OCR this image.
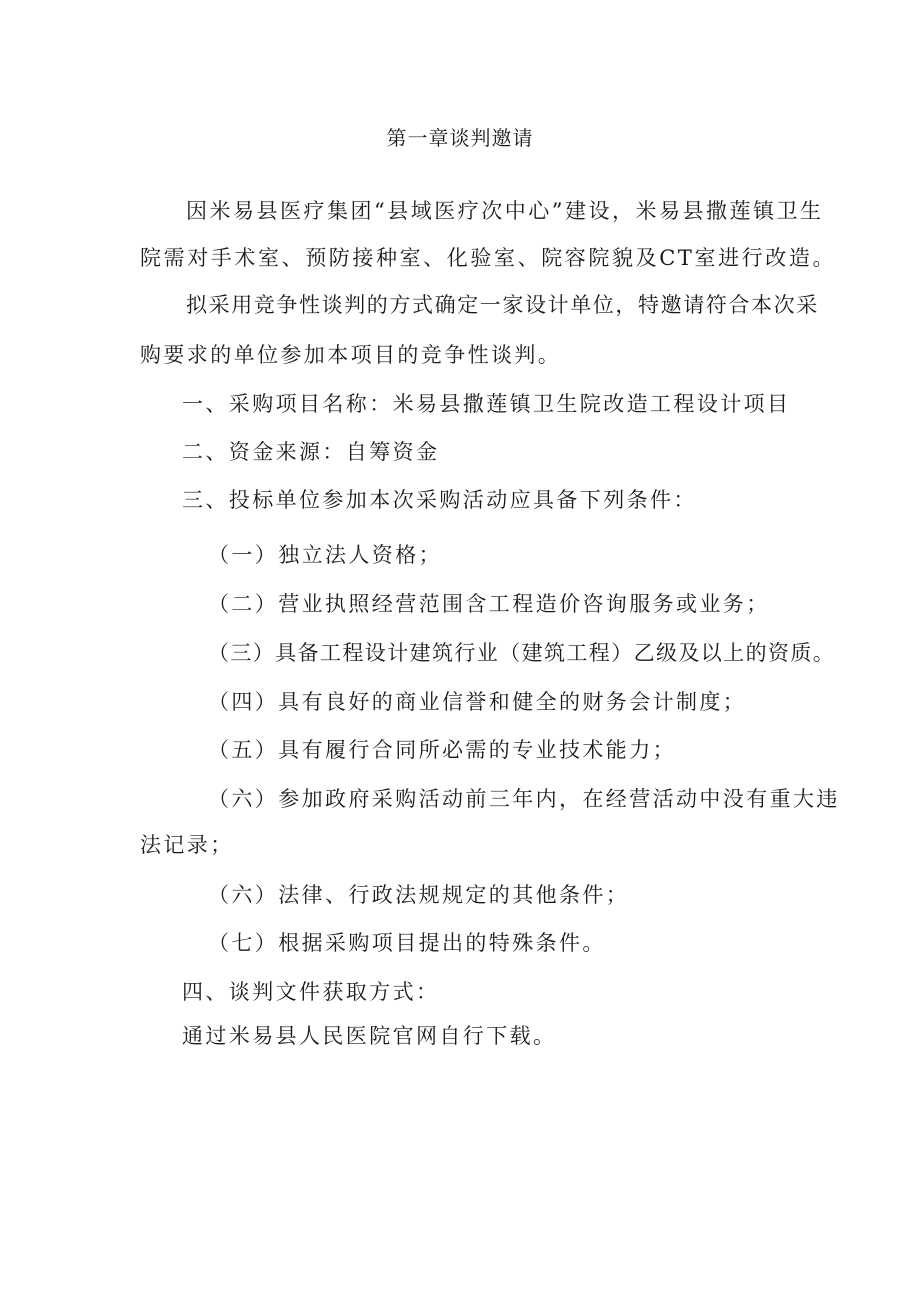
第一章谈判邀请
因米易县医疗集团“县域医疗次中心”建设，米易县撒莲镇卫生
院需对手术室、预防接种室、化验室、院容院貌及CT室进行改造。
拟采用竞争性谈判的方式确定一家设计单位，特邀请符合本次采
购要求的单位参加本项目的竞争性谈判。
一、采购项目名称：米易县撒莲镇卫生院改造工程设计项目
二、资金来源：自筹资金
三、投标单位参加本次采购活动应具备下列条件：
（一）独立法人资格；
（二）营业执照经营范围含工程造价咨询服务或业务；
（三）具备工程设计建筑行业（建筑工程）乙级及以上的资质。
（四）具有良好的商业信誉和健全的财务会计制度；
（五）具有履行合同所必需的专业技术能力；
（六）参加政府采购活动前三年内，在经营活动中没有重大违
法记录；
（六）法律、行政法规规定的其他条件；
（七）根据采购项目提出的特殊条件。
四、谈判文件获取方式：
通过米易县人民医院官网自行下载。
